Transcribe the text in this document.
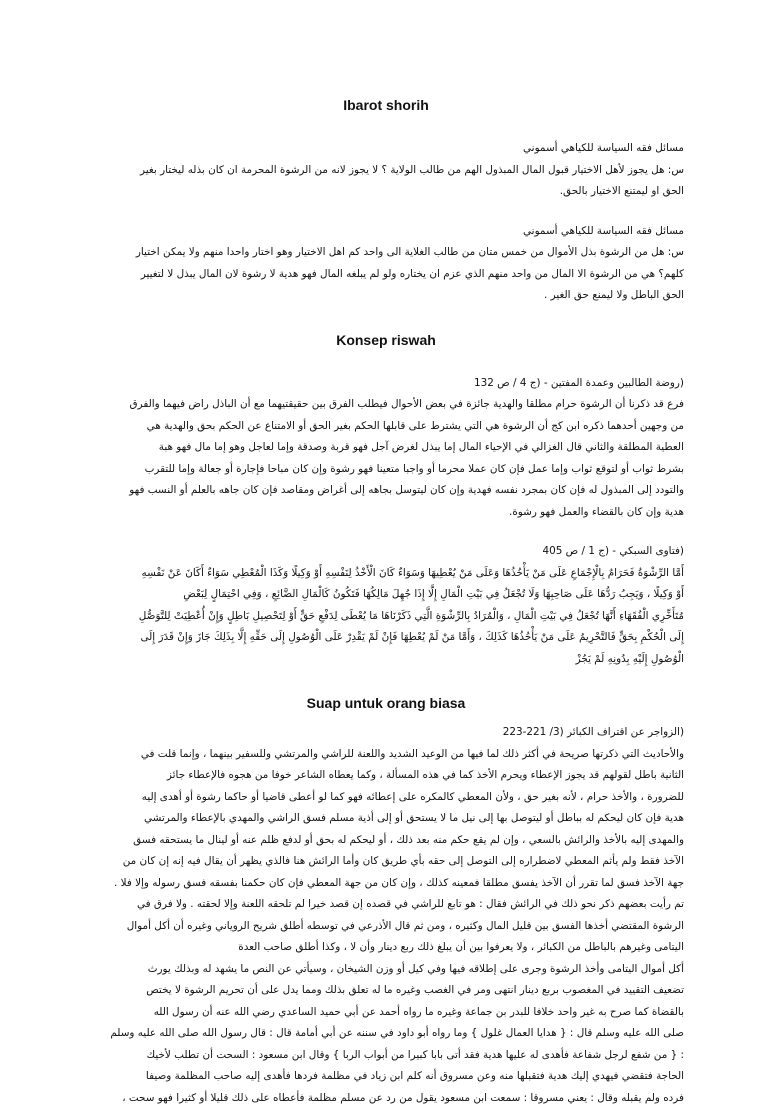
Ibarot shorih
مسائل فقه السياسة للكياهي أسموني
س: هل يجوز لأهل الاختيار قبول المال المبذول الهم من طالب الولاية ؟ لا يجوز لانه من الرشوة المحرمة ان كان بذله ليختار بغير
الحق او ليمتنع الاختيار بالحق.
مسائل فقه السياسة للكياهي أسموني
س: هل من الرشوة بذل الأموال من خمس متان من طالب الغلاية الى واحد كم اهل الاختيار وهو اختار واحدا منهم ولا يمكن اختيار
كلهم؟ هي من الرشوة الا المال من واحد منهم الذي عزم ان يختاره ولو لم يبلغه المال فهو هدية لا رشوة لان المال يبذل لا لتغيير
الحق الباطل ولا ليمنع حق الغير .
Konsep riswah
(روضة الطالبين وعمدة المفتين - (ج 4 / ص 132
فرع قد ذكرنا أن الرشوة حرام مطلقا والهدية جائزة في بعض الأحوال فيطلب الفرق بين حقيقتيهما مع أن الباذل راض فيهما والفرق
من وجهين أحدهما ذكره ابن كج أن الرشوة هي التي يشترط على قابلها الحكم بغير الحق أو الامتناع عن الحكم بحق والهدية هي
العطية المطلقة والثاني قال الغزالي في الإحياء المال إما يبذل لغرض آجل فهو قربة وصدقة وإما لعاجل وهو إما مال فهو هبة
بشرط ثواب أو لتوقع ثواب وإما عمل فإن كان عملا محرما أو واجبا متعينا فهو رشوة وإن كان مباحا فإجارة أو جعالة وإما للتقرب
والتودد إلى المبذول له فإن كان بمجرد نفسه فهدية وإن كان ليتوسل بجاهه إلى أغراض ومقاصد فإن كان جاهه بالعلم أو النسب فهو
هدية وإن كان بالقضاء والعمل فهو رشوة.
(فتاوى السبكي - (ج 1 / ص 405
أَمَّا الرِّشْوَةُ فَحَرَامٌ بِالْإِجْمَاعِ عَلَى مَنْ يَأْخُذُهَا وَعَلَى مَنْ يُعْطِيهَا وَسَوَاءٌ كَانَ الْأَخْذُ لِنَفْسِهِ أَوْ وَكِيلًا وَكَذَا الْمُعْطِي سَوَاءٌ أَكَانَ عَنْ نَفْسِهِ
أَوْ وَكِيلًا ، وَيَجِبُ رَدُّهَا عَلَى صَاحِبِهَا وَلَا تُجْعَلُ فِي بَيْتِ الْمَالِ إِلَّا إِذَا جُهِلَ مَالِكُهَا فَتَكُونُ كَالْمَالِ الضَّائِعِ ، وَفِي احْتِمَالٍ لِبَعْضِ
مُتَأَخِّرِي الْفُقَهَاءِ أَنَّهَا تُجْعَلُ فِي بَيْتِ الْمَالِ ، وَالْمُرَادُ بِالرِّشْوَةِ الَّتِي ذَكَرْنَاهَا مَا يُعْطَى لِدَفْعِ حَقٍّ أَوْ لِتَحْصِيلِ بَاطِلٍ وَإِنْ أُعْطِيَتْ لِلتَّوَصُّلِ
إِلَى الْحُكْمِ بِحَقٍّ فَالتَّحْرِيمُ عَلَى مَنْ يَأْخُذُهَا كَذَلِكَ ، وَأَمَّا مَنْ لَمْ يُعْطِهَا فَإِنْ لَمْ يَقْدِرْ عَلَى الْوُصُولِ إِلَى حَقِّهِ إِلَّا بِذَلِكَ جَازَ وَإِنْ قَدَرَ إِلَى
الْوُصُولِ إِلَيْهِ بِدُونِهِ لَمْ يَجُزْ
Suap untuk orang biasa
(الزواجر عن اقتراف الكبائر (3/ 221-223
والأحاديث التي ذكرتها صريحة في أكثر ذلك لما فيها من الوعيد الشديد واللعنة للراشي والمرتشي وللسفير بينهما ، وإنما قلت في
الثانية باطل لقولهم قد يجوز الإعطاء ويحرم الأخذ كما في هذه المسألة ، وكما يعطاه الشاعر خوفا من هجوه فالإعطاء جائز
للضرورة ، والأخذ حرام ، لأنه بغير حق ، ولأن المعطي كالمكره على إعطائه فهو كما لو أعطى قاضيا أو حاكما رشوة أو أهدى إليه
هدية فإن كان ليحكم له بباطل أو ليتوصل بها إلى نيل ما لا يستحق أو إلى أذية مسلم فسق الراشي والمهدي بالإعطاء والمرتشي
والمهدى إليه بالأخذ والرائش بالسعي ، وإن لم يقع حكم منه بعد ذلك ، أو ليحكم له بحق أو لدفع ظلم عنه أو لينال ما يستحقه فسق
الآخذ فقط ولم يأثم المعطي لاضطراره إلى التوصل إلى حقه بأي طريق كان وأما الرائش هنا فالذي يظهر أن يقال فيه إنه إن كان من
جهة الآخذ فسق لما تقرر أن الآخذ يفسق مطلقا فمعينه كذلك ، وإن كان من جهة المعطي فإن كان حكمنا بفسقه فسق رسوله وإلا فلا .
تم رأيت بعضهم ذكر نحو ذلك في الرائش فقال : هو تابع للراشي في قصده إن قصد خيرا لم تلحقه اللعنة وإلا لحقته . ولا فرق في
الرشوة المقتضي أخذها الفسق بين قليل المال وكثيره ، ومن ثم قال الأذرعي في توسطه أطلق شريح الروياني وغيره أن أكل أموال
اليتامى وغيرهم بالباطل من الكبائر ، ولا يعرفوا بين أن يبلغ ذلك ربع دينار وأن لا ، وكذا أطلق صاحب العدة
أكل أموال اليتامى وأخذ الرشوة وجرى على إطلاقه فيها وفي كيل أو وزن الشيخان ، وسيأتي عن النص ما يشهد له وبذلك يورث
تضعيف التقييد في المغصوب بربع دينار انتهى ومر في الغصب وغيره ما له تعلق بذلك ومما يدل على أن تحريم الرشوة لا يختص
بالقضاة كما صرح به غير واحد خلافا للبدر بن جماعة وغيره ما رواه أحمد عن أبي حميد الساعدي رضي الله عنه أن رسول الله
صلى الله عليه وسلم قال : { هدايا العمال غلول } وما رواه أبو داود في سننه عن أبي أمامة قال : قال رسول الله صلى الله عليه وسلم
: { من شفع لرجل شفاعة فأهدى له عليها هدية فقد أتى بابا كبيرا من أبواب الربا } وقال ابن مسعود : السحت أن تطلب لأخيك
الحاجة فتقضي فيهدي إليك هدية فتقبلها منه وعن مسروق أنه كلم ابن زياد في مظلمة فردها فأهدى إليه صاحب المظلمة وصيفا
فرده ولم يقبله وقال : يعني مسروقا : سمعت ابن مسعود يقول من رد عن مسلم مظلمة فأعطاه على ذلك قليلا أو كثيرا فهو سحت ،
